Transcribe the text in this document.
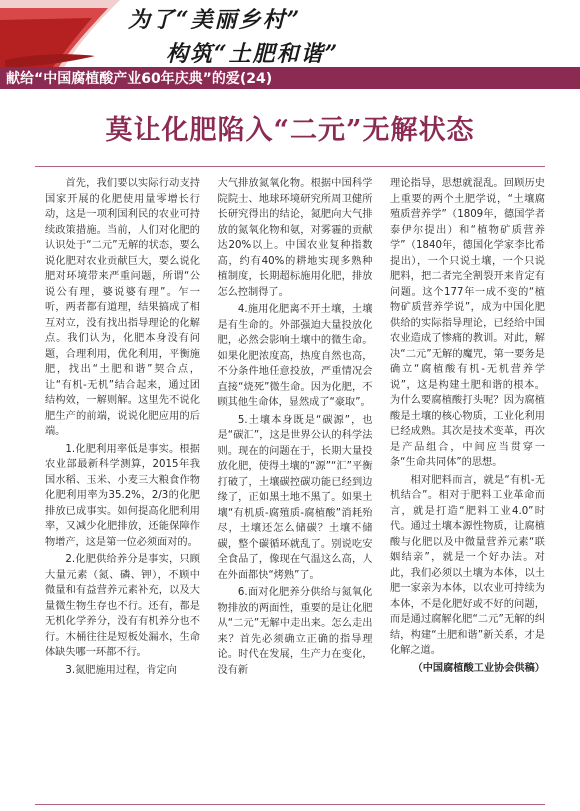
为了“美丽乡村”
构筑“土肥和谐”
献给“中国腐植酸产业60年庆典”的爱(24)
莫让化肥陷入“二元”无解状态

首先，我们要以实际行动支持国家开展的化肥使用量零增长行动，这是一项利国利民的农业可持续政策措施。当前，人们对化肥的认识处于“二元”无解的状态，要么说化肥对农业贡献巨大，要么说化肥对环境带来严重问题，所谓“公说公有理，婆说婆有理”。乍一听，两者都有道理，结果搞成了相互对立，没有找出指导理论的化解点。我们认为，化肥本身没有问题，合理利用，优化利用，平衡施肥，找出“土肥和谐”契合点，让“有机-无机”结合起来，通过团结构效，一解则解。这里先不说化肥生产的前端，说说化肥应用的后端。

1.化肥利用率低是事实。根据农业部最新科学测算，2015年我国水稻、玉米、小麦三大粮食作物化肥利用率为35.2%，2/3的化肥排放已成事实。如何提高化肥利用率，又减少化肥排放，还能保障作物增产，这是第一位必须面对的。

2.化肥供给养分是事实，只顾大量元素（氮、磷、钾），不顾中微量和有益营养元素补充，以及大量微生物生存也不行。还有，都是无机化学养分，没有有机养分也不行。木桶往往是短板处漏水，生命体缺失哪一环都不行。

3.氮肥施用过程，肯定向

大气排放氮氧化物。根据中国科学院院士、地球环境研究所周卫健所长研究得出的结论，氮肥向大气排放的氮氧化物和氨，对雾霾的贡献达20%以上。中国农业复种指数高，约有40%的耕地实现多熟种植制度，长期超标施用化肥，排放怎么控制得了。

4.施用化肥离不开土壤，土壤是有生命的。外部强迫大量投放化肥，必然会影响土壤中的微生命。如果化肥浓度高，热度自然也高，不分条件地任意投放，严重情况会直接“烧死”微生命。因为化肥，不顾其他生命体，显然成了“豪取”。

5.土壤本身既是“碳源”，也是“碳汇”，这是世界公认的科学法则。现在的问题在于，长期大量投放化肥，使得土壤的“源”“汇”平衡打破了，土壤碳控碳功能已经到边缘了，正如黑土地不黑了。如果土壤“有机质-腐殖质-腐植酸”消耗殆尽，土壤还怎么储碳？土壤不储碳，整个碳循环就乱了。别说吃安全食品了，像现在气温这么高，人在外面都快“烤熟”了。

6.面对化肥养分供给与氮氧化物排放的两面性，重要的是让化肥从“二元”无解中走出来。怎么走出来？首先必须确立正确的指导理论。时代在发展，生产力在变化，没有新

理论指导，思想就混乱。回顾历史上重要的两个土肥学说，“土壤腐殖质营养学”（1809年，德国学者泰伊尔提出）和“植物矿质营养学”（1840年，德国化学家李比希提出），一个只说土壤，一个只说肥料，把二者完全割裂开来肯定有问题。这个177年一成不变的“植物矿质营养学说”，成为中国化肥供给的实际指导理论，已经给中国农业造成了惨痛的教训。对此，解决“二元”无解的魔咒，第一要务是确立“腐植酸有机-无机营养学说”，这是构建土肥和谐的根本。为什么要腐植酸打头呢？因为腐植酸是土壤的核心物质，工业化利用已经成熟。其次是技术变革，再次是产品组合，中间应当贯穿一条“生命共同体”的思想。

相对肥料而言，就是“有机-无机结合”。相对于肥料工业革命而言，就是打造“肥料工业4.0”时代。通过土壤本源性物质，让腐植酸与化肥以及中微量营养元素“联姻结亲”，就是一个好办法。对此，我们必须以土壤为本体，以土肥一家亲为本体，以农业可持续为本体，不是化肥好或不好的问题，而是通过腐解化肥“二元”无解的纠结，构建“土肥和谐”新关系，才是化解之道。

（中国腐植酸工业协会供稿）
